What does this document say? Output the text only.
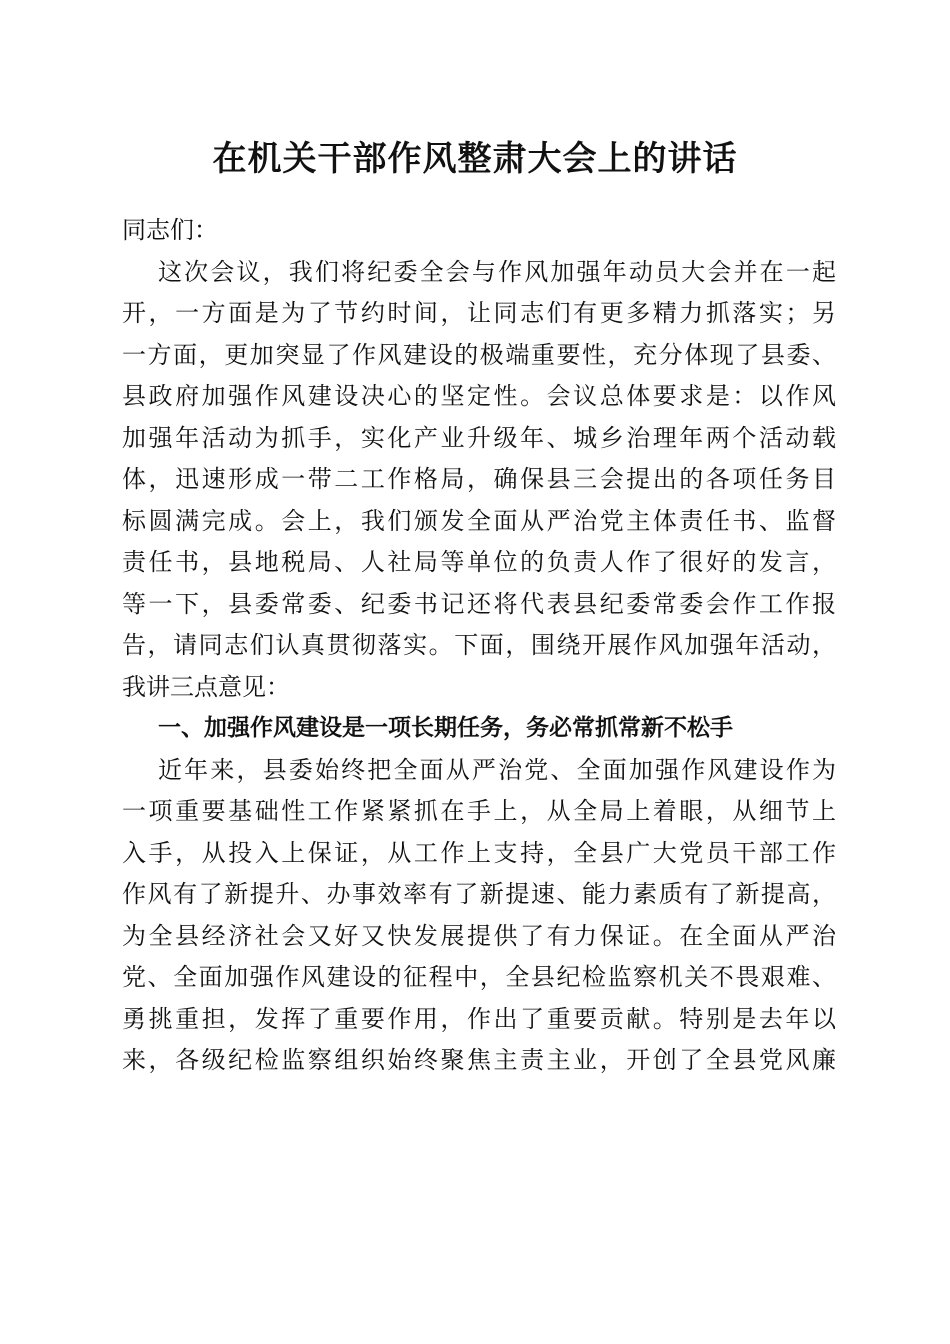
在机关干部作风整肃大会上的讲话
同志们：
这次会议，我们将纪委全会与作风加强年动员大会并在一起
开，一方面是为了节约时间，让同志们有更多精力抓落实；另
一方面，更加突显了作风建设的极端重要性，充分体现了县委、
县政府加强作风建设决心的坚定性。会议总体要求是：以作风
加强年活动为抓手，实化产业升级年、城乡治理年两个活动载
体，迅速形成一带二工作格局，确保县三会提出的各项任务目
标圆满完成。会上，我们颁发全面从严治党主体责任书、监督
责任书，县地税局、人社局等单位的负责人作了很好的发言，
等一下，县委常委、纪委书记还将代表县纪委常委会作工作报
告，请同志们认真贯彻落实。下面，围绕开展作风加强年活动，
我讲三点意见：
一、加强作风建设是一项长期任务，务必常抓常新不松手
近年来，县委始终把全面从严治党、全面加强作风建设作为
一项重要基础性工作紧紧抓在手上，从全局上着眼，从细节上
入手，从投入上保证，从工作上支持，全县广大党员干部工作
作风有了新提升、办事效率有了新提速、能力素质有了新提高，
为全县经济社会又好又快发展提供了有力保证。在全面从严治
党、全面加强作风建设的征程中，全县纪检监察机关不畏艰难、
勇挑重担，发挥了重要作用，作出了重要贡献。特别是去年以
来，各级纪检监察组织始终聚焦主责主业，开创了全县党风廉
